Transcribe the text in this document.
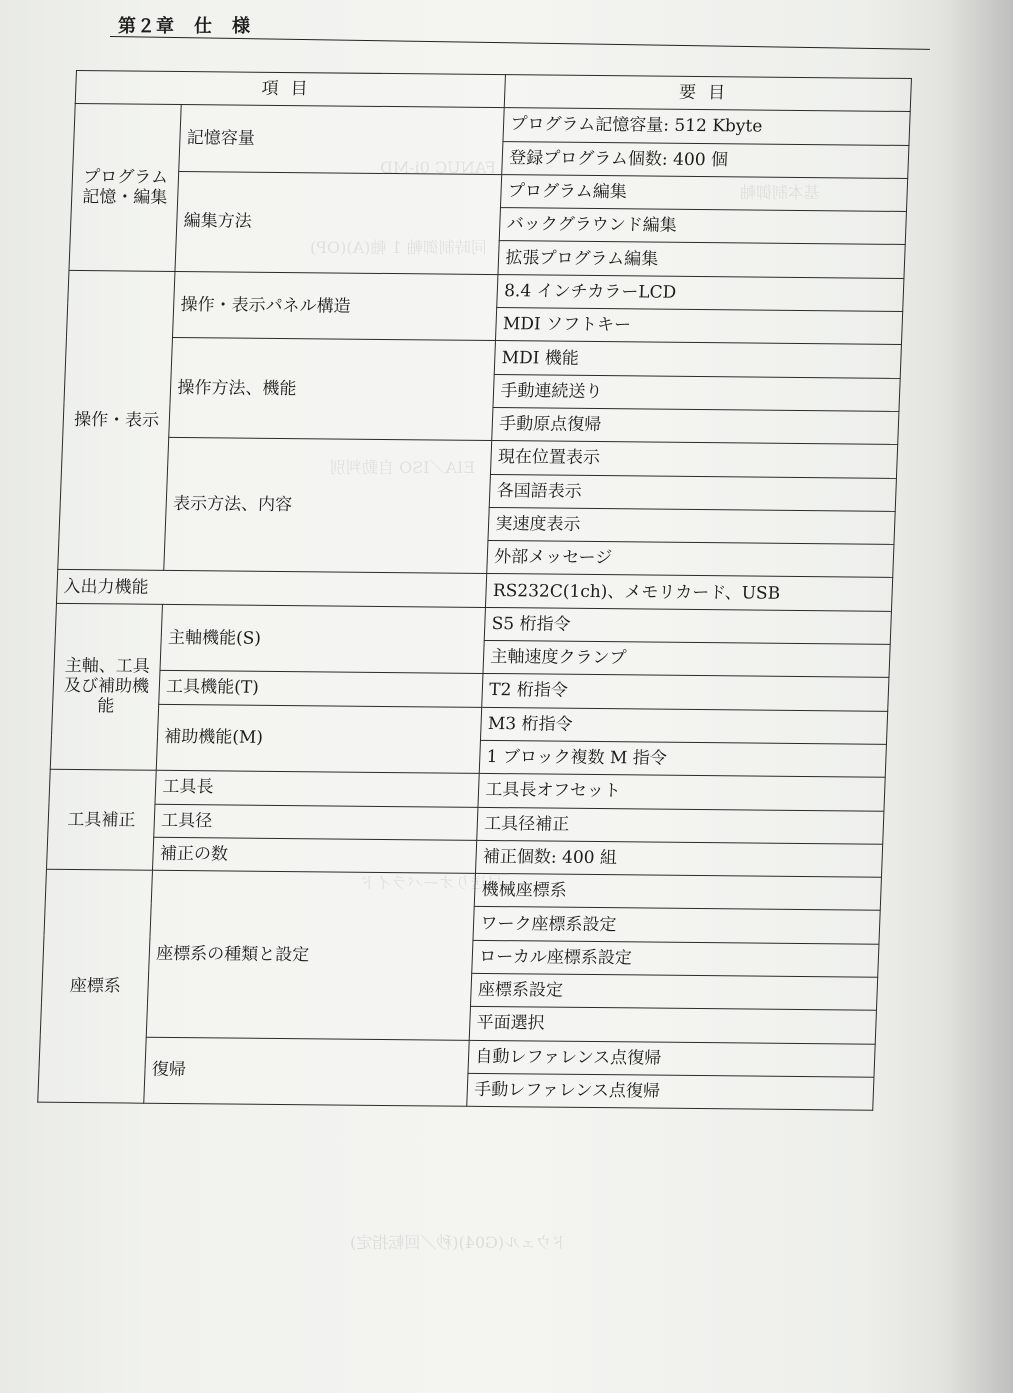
FANUC 0i-MD
基本制御軸
同時制御軸 1 軸(A)(OP)
EIA／ISO 自動判別
早送りオーバライド
ドウェル(G04)(秒／回転指定)
第２章　仕　様
項目		要目
プログラム記憶・編集	記憶容量	プログラム記憶容量: 512 Kbyte
		登録プログラム個数: 400 個
	編集方法	プログラム編集
		バックグラウンド編集
		拡張プログラム編集
操作・表示	操作・表示パネル構造	8.4 インチカラーLCD
		MDI ソフトキー
	操作方法、機能	MDI 機能
		手動連続送り
		手動原点復帰
	表示方法、内容	現在位置表示
		各国語表示
		実速度表示
		外部メッセージ
入出力機能		RS232C(1ch)、メモリカード、USB
主軸、工具及び補助機能	主軸機能(S)	S5 桁指令
		主軸速度クランプ
	工具機能(T)	T2 桁指令
	補助機能(M)	M3 桁指令
		1 ブロック複数 M 指令
工具補正	工具長	工具長オフセット
	工具径	工具径補正
	補正の数	補正個数: 400 組
座標系	座標系の種類と設定	機械座標系
		ワーク座標系設定
		ローカル座標系設定
		座標系設定
		平面選択
	復帰	自動レファレンス点復帰
		手動レファレンス点復帰
